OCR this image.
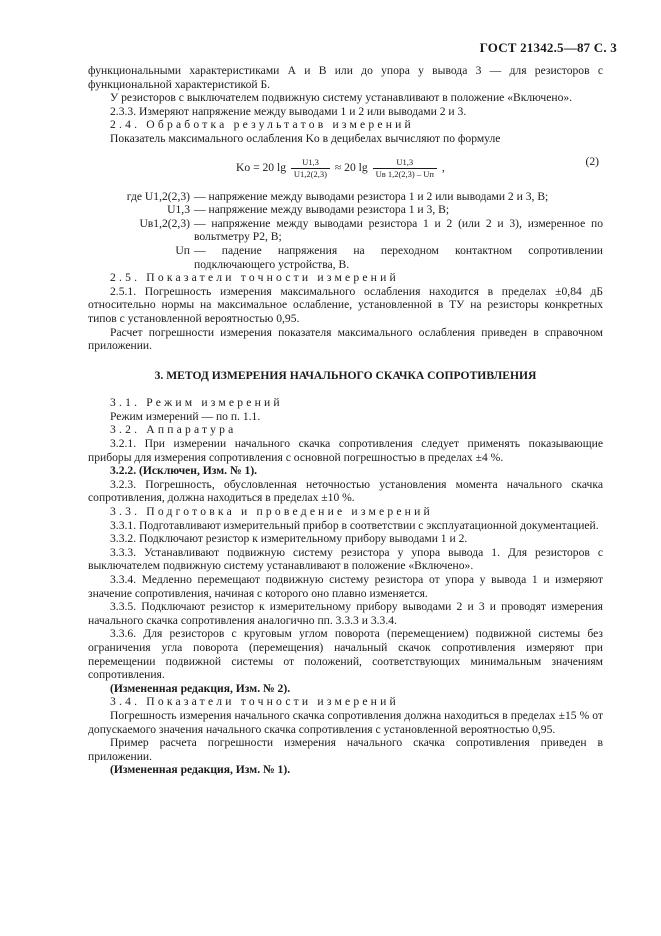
ГОСТ 21342.5—87 С. 3

функциональными характеристиками А и В или до упора у вывода 3 — для резисторов с функциональной характеристикой Б.

У резисторов с выключателем подвижную систему устанавливают в положение «Включено».

2.3.3. Измеряют напряжение между выводами 1 и 2 или выводами 2 и 3.

2.4. Обработка результатов измерений

Показатель максимального ослабления Kо в децибелах вычисляют по формуле

Kо = 20 $\lg \frac{U1,3}{U1,2(2,3)} \approx 20$ $\lg \frac{U1,3}{Uв 1,2(2,3) - Uп}$ ,	(2)
где U1,2(2,3) — напряжение между выводами резистора 1 и 2 или выводами 2 и 3, В;
U1,3 — напряжение между выводами резистора 1 и 3, В;
Uв1,2(2,3) — напряжение между выводами резистора 1 и 2 (или 2 и 3), измеренное по вольтметру Р2, В;
Uп — падение напряжения на переходном контактном сопротивлении подключающего устройства, В.

2.5. Показатели точности измерений

2.5.1. Погрешность измерения максимального ослабления находится в пределах ±0,84 дБ относительно нормы на максимальное ослабление, установленной в ТУ на резисторы конкретных типов с установленной вероятностью 0,95.

Расчет погрешности измерения показателя максимального ослабления приведен в справочном приложении.

3. МЕТОД ИЗМЕРЕНИЯ НАЧАЛЬНОГО СКАЧКА СОПРОТИВЛЕНИЯ

3.1. Режим измерений

Режим измерений — по п. 1.1.

3.2. Аппаратура

3.2.1. При измерении начального скачка сопротивления следует применять показывающие приборы для измерения сопротивления с основной погрешностью в пределах ±4 %.

3.2.2. (Исключен, Изм. № 1).

3.2.3. Погрешность, обусловленная неточностью установления момента начального скачка сопротивления, должна находиться в пределах ±10 %.

3.3. Подготовка и проведение измерений

3.3.1. Подготавливают измерительный прибор в соответствии с эксплуатационной документацией.

3.3.2. Подключают резистор к измерительному прибору выводами 1 и 2.

3.3.3. Устанавливают подвижную систему резистора у упора вывода 1. Для резисторов с выключателем подвижную систему устанавливают в положение «Включено».

3.3.4. Медленно перемещают подвижную систему резистора от упора у вывода 1 и измеряют значение сопротивления, начиная с которого оно плавно изменяется.

3.3.5. Подключают резистор к измерительному прибору выводами 2 и 3 и проводят измерения начального скачка сопротивления аналогично пп. 3.3.3 и 3.3.4.

3.3.6. Для резисторов с круговым углом поворота (перемещением) подвижной системы без ограничения угла поворота (перемещения) начальный скачок сопротивления измеряют при перемещении подвижной системы от положений, соответствующих минимальным значениям сопротивления.

(Измененная редакция, Изм. № 2).

3.4. Показатели точности измерений

Погрешность измерения начального скачка сопротивления должна находиться в пределах ±15 % от допускаемого значения начального скачка сопротивления с установленной вероятностью 0,95.

Пример расчета погрешности измерения начального скачка сопротивления приведен в приложении.

(Измененная редакция, Изм. № 1).
